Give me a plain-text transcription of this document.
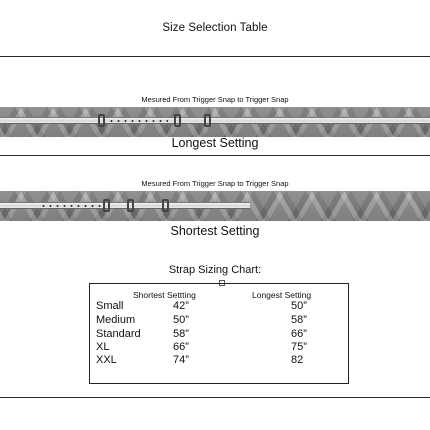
Size Selection Table
Mesured From Trigger Snap to Trigger Snap
Longest Setting
Mesured From Trigger Snap to Trigger Snap
Shortest Setting
Strap Sizing Chart:
Shortest Settting	Longest Setting
Small	42”	50”
Medium	50”	58”
Standard	58”	66”
XL	66”	75”
XXL	74”	82
